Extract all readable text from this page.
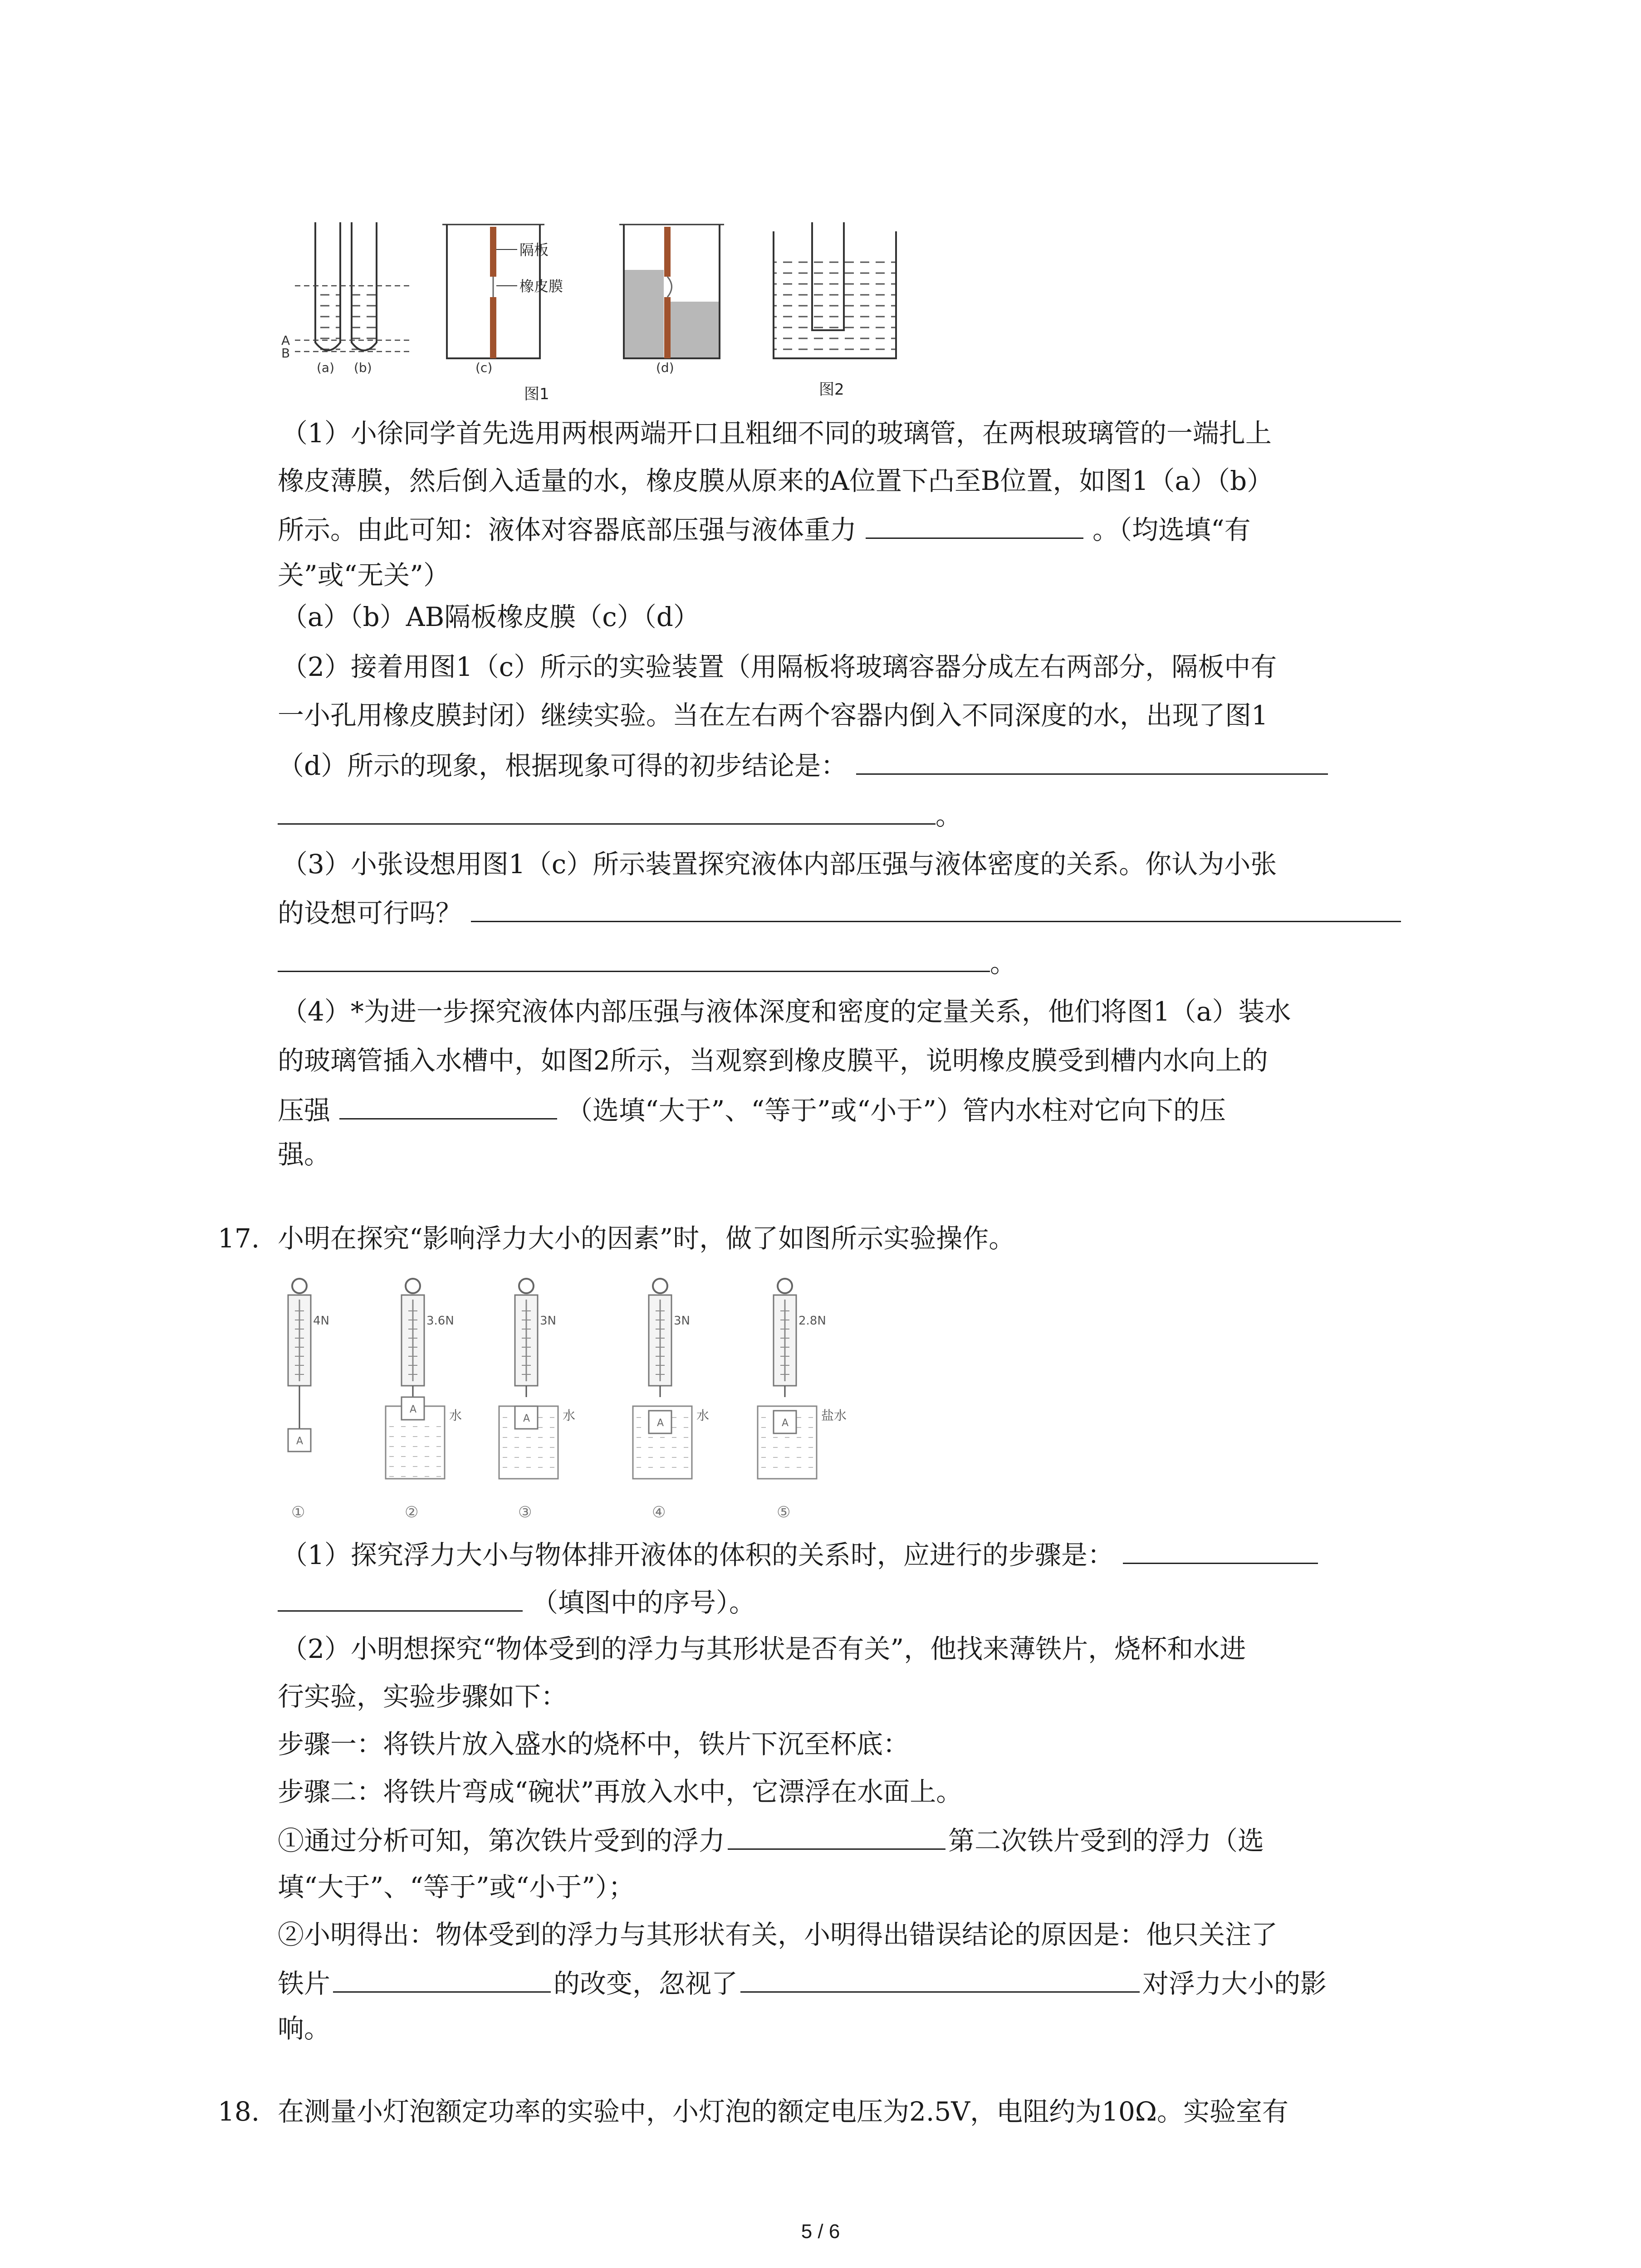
A
B
(a) (b)
隔板
橡皮膜
(c)	(d)
图1	图2
（1）小徐同学首先选用两根两端开口且粗细不同的玻璃管，在两根玻璃管的一端扎上
橡皮薄膜，然后倒入适量的水，橡皮膜从原来的A位置下凸至B位置，如图1（a）（b）
所示。由此可知：液体对容器底部压强与液体重力	。（均选填“有
关”或“无关”）
（a）（b）AB隔板橡皮膜（c）（d）
（2）接着用图1（c）所示的实验装置（用隔板将玻璃容器分成左右两部分，隔板中有
一小孔用橡皮膜封闭）继续实验。当在左右两个容器内倒入不同深度的水，出现了图1
（d）所示的现象，根据现象可得的初步结论是：
。
（3）小张设想用图1（c）所示装置探究液体内部压强与液体密度的关系。你认为小张
的设想可行吗？
。
（4）*为进一步探究液体内部压强与液体深度和密度的定量关系，他们将图1（a）装水
的玻璃管插入水槽中，如图2所示，当观察到橡皮膜平，说明橡皮膜受到槽内水向上的
压强	（选填“大于”、“等于”或“小于”）管内水柱对它向下的压
强。
17. 小明在探究“影响浮力大小的因素”时，做了如图所示实验操作。
4N
A
①
3.6N
水
A
②
3N
水
A
③
3N
水
A
④
2.8N
盐水
A
⑤
（1）探究浮力大小与物体排开液体的体积的关系时，应进行的步骤是：
（填图中的序号）。
（2）小明想探究“物体受到的浮力与其形状是否有关”，他找来薄铁片，烧杯和水进
行实验，实验步骤如下：
步骤一：将铁片放入盛水的烧杯中，铁片下沉至杯底：
步骤二：将铁片弯成“碗状”再放入水中，它漂浮在水面上。
①通过分析可知，第次铁片受到的浮力	第二次铁片受到的浮力（选
填“大于”、“等于”或“小于”）；
②小明得出：物体受到的浮力与其形状有关，小明得出错误结论的原因是：他只关注了
铁片	的改变，忽视了	对浮力大小的影
响。
18. 在测量小灯泡额定功率的实验中，小灯泡的额定电压为2.5V，电阻约为10Ω。实验室有
5 / 6
